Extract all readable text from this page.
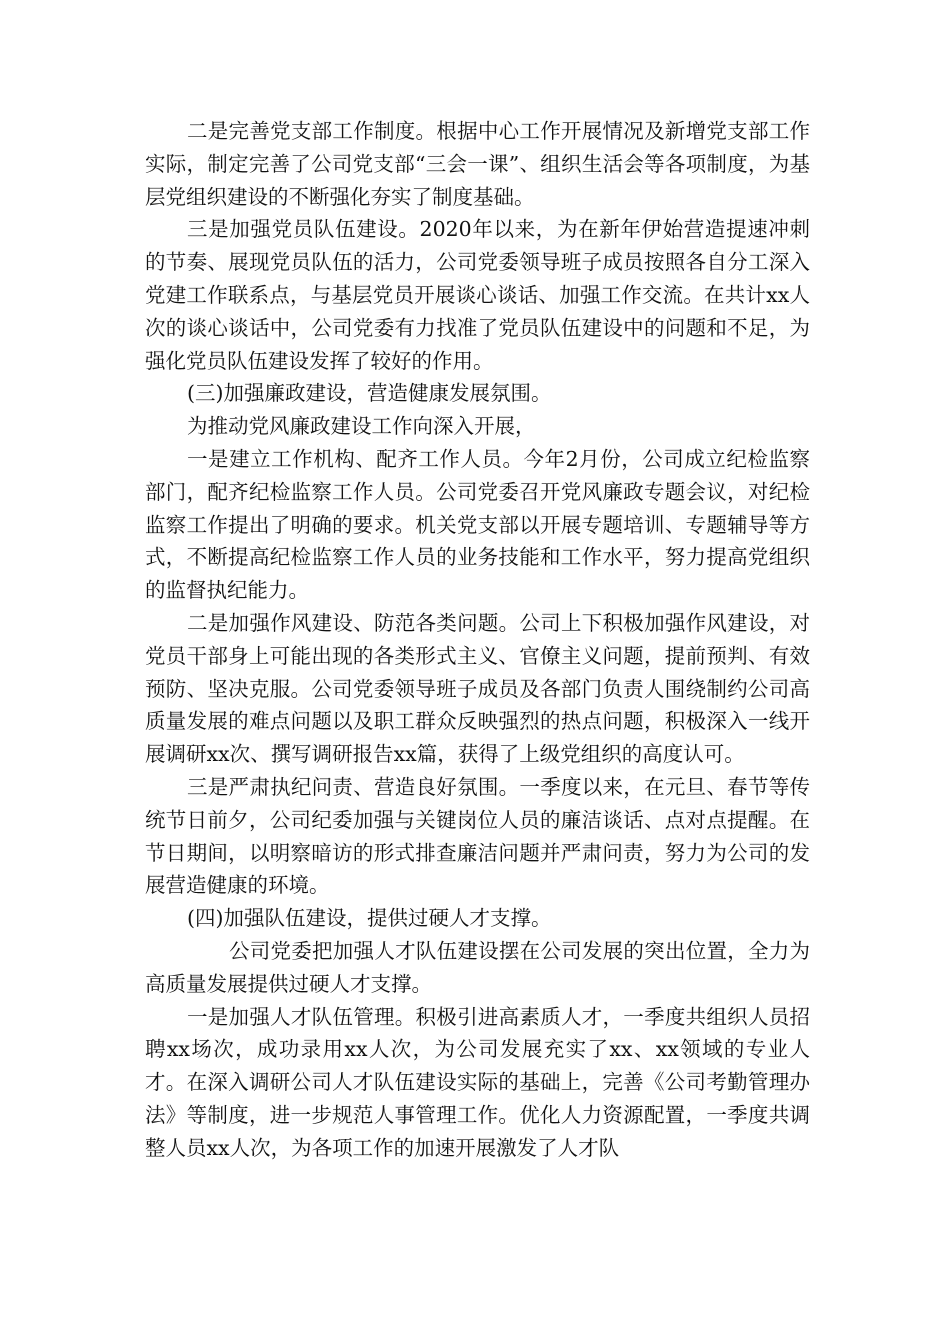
二是完善党支部工作制度。根据中心工作开展情况及新增党支部工作实际，制定完善了公司党支部“三会一课”、组织生活会等各项制度，为基层党组织建设的不断强化夯实了制度基础。

三是加强党员队伍建设。2020年以来，为在新年伊始营造提速冲刺的节奏、展现党员队伍的活力，公司党委领导班子成员按照各自分工深入党建工作联系点，与基层党员开展谈心谈话、加强工作交流。在共计xx人次的谈心谈话中，公司党委有力找准了党员队伍建设中的问题和不足，为强化党员队伍建设发挥了较好的作用。

(三)加强廉政建设，营造健康发展氛围。

为推动党风廉政建设工作向深入开展，

一是建立工作机构、配齐工作人员。今年2月份，公司成立纪检监察部门，配齐纪检监察工作人员。公司党委召开党风廉政专题会议，对纪检监察工作提出了明确的要求。机关党支部以开展专题培训、专题辅导等方式，不断提高纪检监察工作人员的业务技能和工作水平，努力提高党组织的监督执纪能力。

二是加强作风建设、防范各类问题。公司上下积极加强作风建设，对党员干部身上可能出现的各类形式主义、官僚主义问题，提前预判、有效预防、坚决克服。公司党委领导班子成员及各部门负责人围绕制约公司高质量发展的难点问题以及职工群众反映强烈的热点问题，积极深入一线开展调研xx次、撰写调研报告xx篇，获得了上级党组织的高度认可。

三是严肃执纪问责、营造良好氛围。一季度以来，在元旦、春节等传统节日前夕，公司纪委加强与关键岗位人员的廉洁谈话、点对点提醒。在节日期间，以明察暗访的形式排查廉洁问题并严肃问责，努力为公司的发展营造健康的环境。

(四)加强队伍建设，提供过硬人才支撑。

公司党委把加强人才队伍建设摆在公司发展的突出位置，全力为高质量发展提供过硬人才支撑。

一是加强人才队伍管理。积极引进高素质人才，一季度共组织人员招聘xx场次，成功录用xx人次，为公司发展充实了xx、xx领域的专业人才。在深入调研公司人才队伍建设实际的基础上，完善《公司考勤管理办法》等制度，进一步规范人事管理工作。优化人力资源配置，一季度共调整人员xx人次，为各项工作的加速开展激发了人才队
